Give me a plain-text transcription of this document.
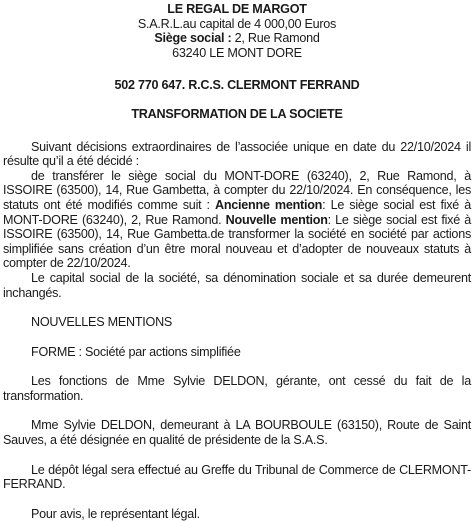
LE REGAL DE MARGOT
S.A.R.L.au capital de 4 000,00 Euros
Siège social : 2, Rue Ramond
63240 LE MONT DORE
502 770 647. R.C.S. CLERMONT FERRAND
TRANSFORMATION DE LA SOCIETE

Suivant décisions extraordinaires de l’associée unique en date du 22/10/2024 il résulte qu’il a été décidé :

de transférer le siège social du MONT-DORE (63240), 2, Rue Ramond, à ISSOIRE (63500), 14, Rue Gambetta, à compter du 22/10/2024. En conséquence, les statuts ont été modifiés comme suit : Ancienne mention: Le siège social est fixé à MONT-DORE (63240), 2, Rue Ramond. Nouvelle mention: Le siège social est fixé à ISSOIRE (63500), 14, Rue Gambetta.de transformer la société en société par actions simplifiée sans création d’un être moral nouveau et d’adopter de nouveaux statuts à compter de 22/10/2024.

Le capital social de la société, sa dénomination sociale et sa durée demeurent inchangés.

NOUVELLES MENTIONS

FORME : Société par actions simplifiée

Les fonctions de Mme Sylvie DELDON, gérante, ont cessé du fait de la transformation.

Mme Sylvie DELDON, demeurant à LA BOURBOULE (63150), Route de Saint Sauves, a été désignée en qualité de présidente de la S.A.S.

Le dépôt légal sera effectué au Greffe du Tribunal de Commerce de CLERMONT-FERRAND.

Pour avis, le représentant légal.
